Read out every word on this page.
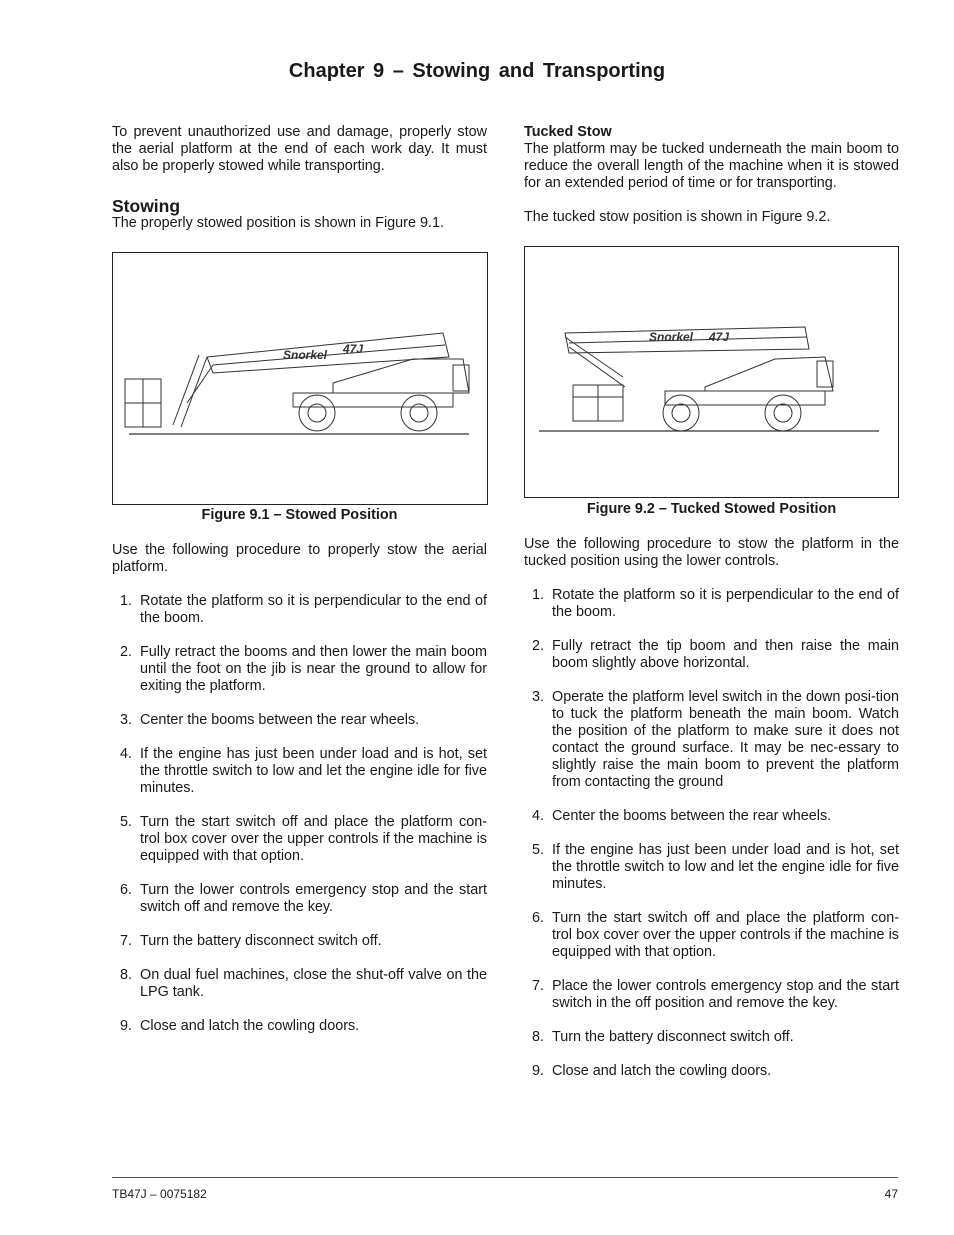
Chapter 9 – Stowing and Transporting

To prevent unauthorized use and damage, properly stow the aerial platform at the end of each work day. It must also be properly stowed while transporting.

Stowing

The properly stowed position is shown in Figure 9.1.

Snorkel 47J
Figure 9.1 – Stowed Position

Use the following procedure to properly stow the aerial platform.

1. Rotate the platform so it is perpendicular to the end of the boom.
2. Fully retract the booms and then lower the main boom until the foot on the jib is near the ground to allow for exiting the platform.
3. Center the booms between the rear wheels.
4. If the engine has just been under load and is hot, set the throttle switch to low and let the engine idle for five minutes.
5. Turn the start switch off and place the platform con-trol box cover over the upper controls if the machine is equipped with that option.
6. Turn the lower controls emergency stop and the start switch off and remove the key.
7. Turn the battery disconnect switch off.
8. On dual fuel machines, close the shut-off valve on the LPG tank.
9. Close and latch the cowling doors.
Tucked Stow

The platform may be tucked underneath the main boom to reduce the overall length of the machine when it is stowed for an extended period of time or for transporting.

The tucked stow position is shown in Figure 9.2.

Snorkel 47J
Figure 9.2 – Tucked Stowed Position

Use the following procedure to stow the platform in the tucked position using the lower controls.

1. Rotate the platform so it is perpendicular to the end of the boom.
2. Fully retract the tip boom and then raise the main boom slightly above horizontal.
3. Operate the platform level switch in the down posi-tion to tuck the platform beneath the main boom. Watch the position of the platform to make sure it does not contact the ground surface. It may be nec-essary to slightly raise the main boom to prevent the platform from contacting the ground
4. Center the booms between the rear wheels.
5. If the engine has just been under load and is hot, set the throttle switch to low and let the engine idle for five minutes.
6. Turn the start switch off and place the platform con-trol box cover over the upper controls if the machine is equipped with that option.
7. Place the lower controls emergency stop and the start switch in the off position and remove the key.
8. Turn the battery disconnect switch off.
9. Close and latch the cowling doors.
TB47J – 0075182	47
